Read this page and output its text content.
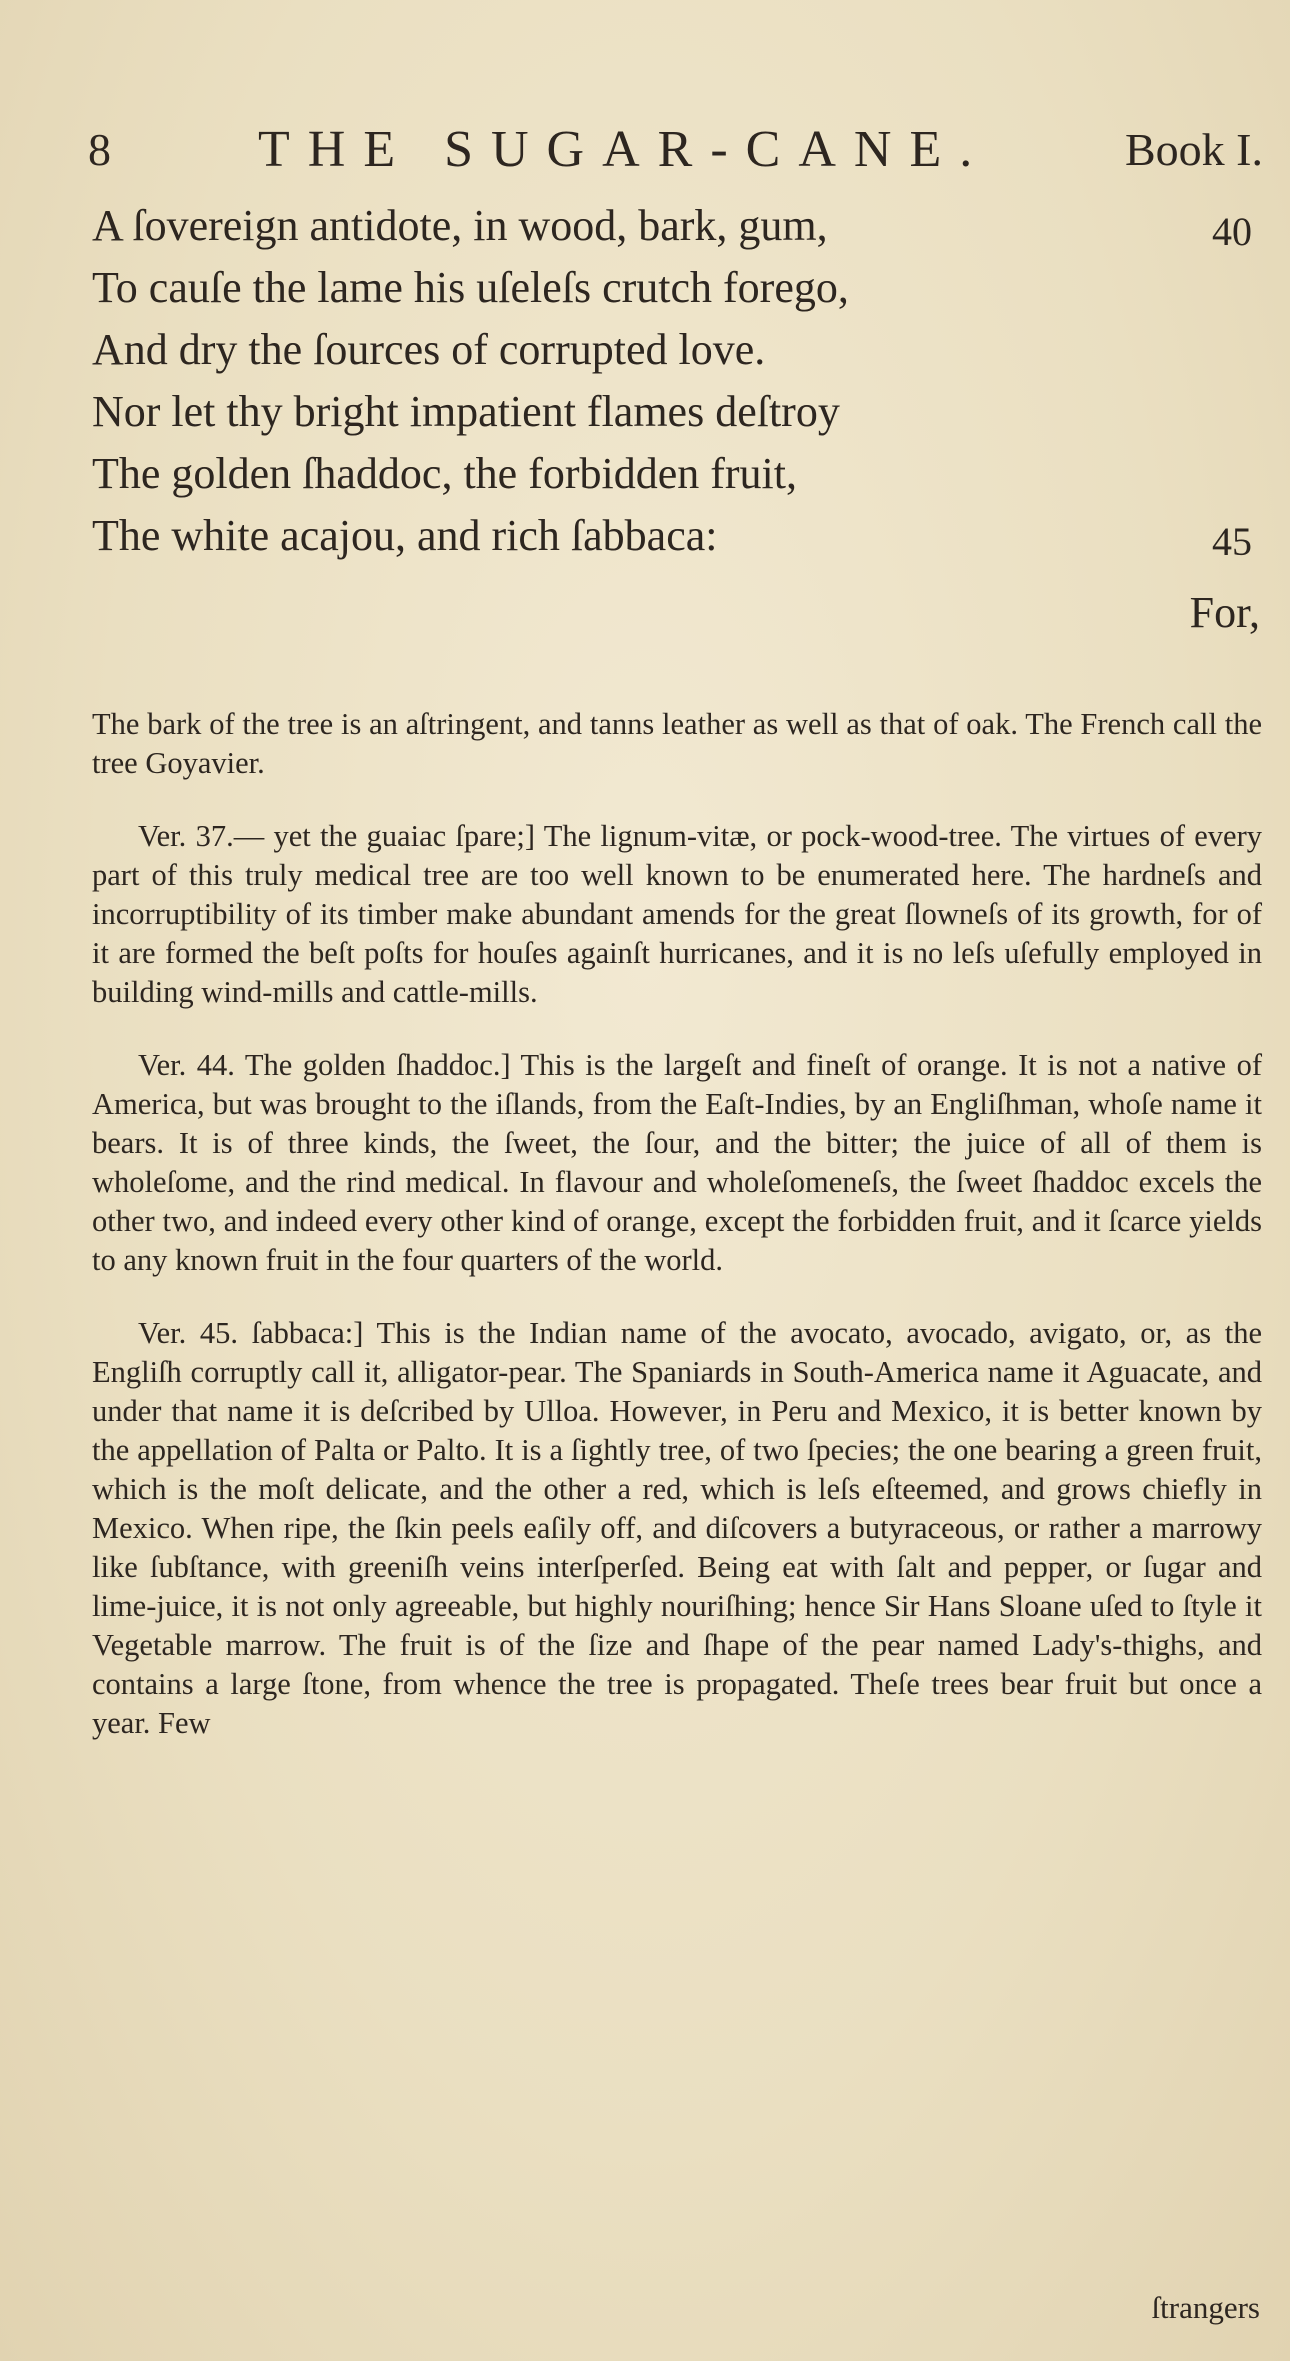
8	THE SUGAR-CANE.	Book I.
A ſovereign antidote, in wood, bark, gum,	40
To cauſe the lame his uſeleſs crutch forego,
And dry the ſources of corrupted love.
Nor let thy bright impatient flames deſtroy
The golden ſhaddoc, the forbidden fruit,
The white acajou, and rich ſabbaca:	45
For,

The bark of the tree is an aſtringent, and tanns leather as well as that of oak. The French call the tree Goyavier.

Ver. 37.— yet the guaiac ſpare;] The lignum-vitæ, or pock-wood-tree. The virtues of every part of this truly medical tree are too well known to be enumerated here. The hardneſs and incorruptibility of its timber make abundant amends for the great ſlowneſs of its growth, for of it are formed the beſt poſts for houſes againſt hurricanes, and it is no leſs uſefully employed in building wind-mills and cattle-mills.

Ver. 44. The golden ſhaddoc.] This is the largeſt and fineſt of orange. It is not a native of America, but was brought to the iſlands, from the Eaſt-Indies, by an Engliſhman, whoſe name it bears. It is of three kinds, the ſweet, the ſour, and the bitter; the juice of all of them is wholeſome, and the rind medical. In flavour and wholeſomeneſs, the ſweet ſhaddoc excels the other two, and indeed every other kind of orange, except the forbidden fruit, and it ſcarce yields to any known fruit in the four quarters of the world.

Ver. 45. ſabbaca:] This is the Indian name of the avocato, avocado, avigato, or, as the Engliſh corruptly call it, alligator-pear. The Spaniards in South-America name it Aguacate, and under that name it is deſcribed by Ulloa. However, in Peru and Mexico, it is better known by the appellation of Palta or Palto. It is a ſightly tree, of two ſpecies; the one bearing a green fruit, which is the moſt delicate, and the other a red, which is leſs eſteemed, and grows chiefly in Mexico. When ripe, the ſkin peels eaſily off, and diſcovers a butyraceous, or rather a marrowy like ſubſtance, with greeniſh veins interſperſed. Being eat with ſalt and pepper, or ſugar and lime-juice, it is not only agreeable, but highly nouriſhing; hence Sir Hans Sloane uſed to ſtyle it Vegetable marrow. The fruit is of the ſize and ſhape of the pear named Lady's-thighs, and contains a large ſtone, from whence the tree is propagated. Theſe trees bear fruit but once a year. Few

ſtrangers
